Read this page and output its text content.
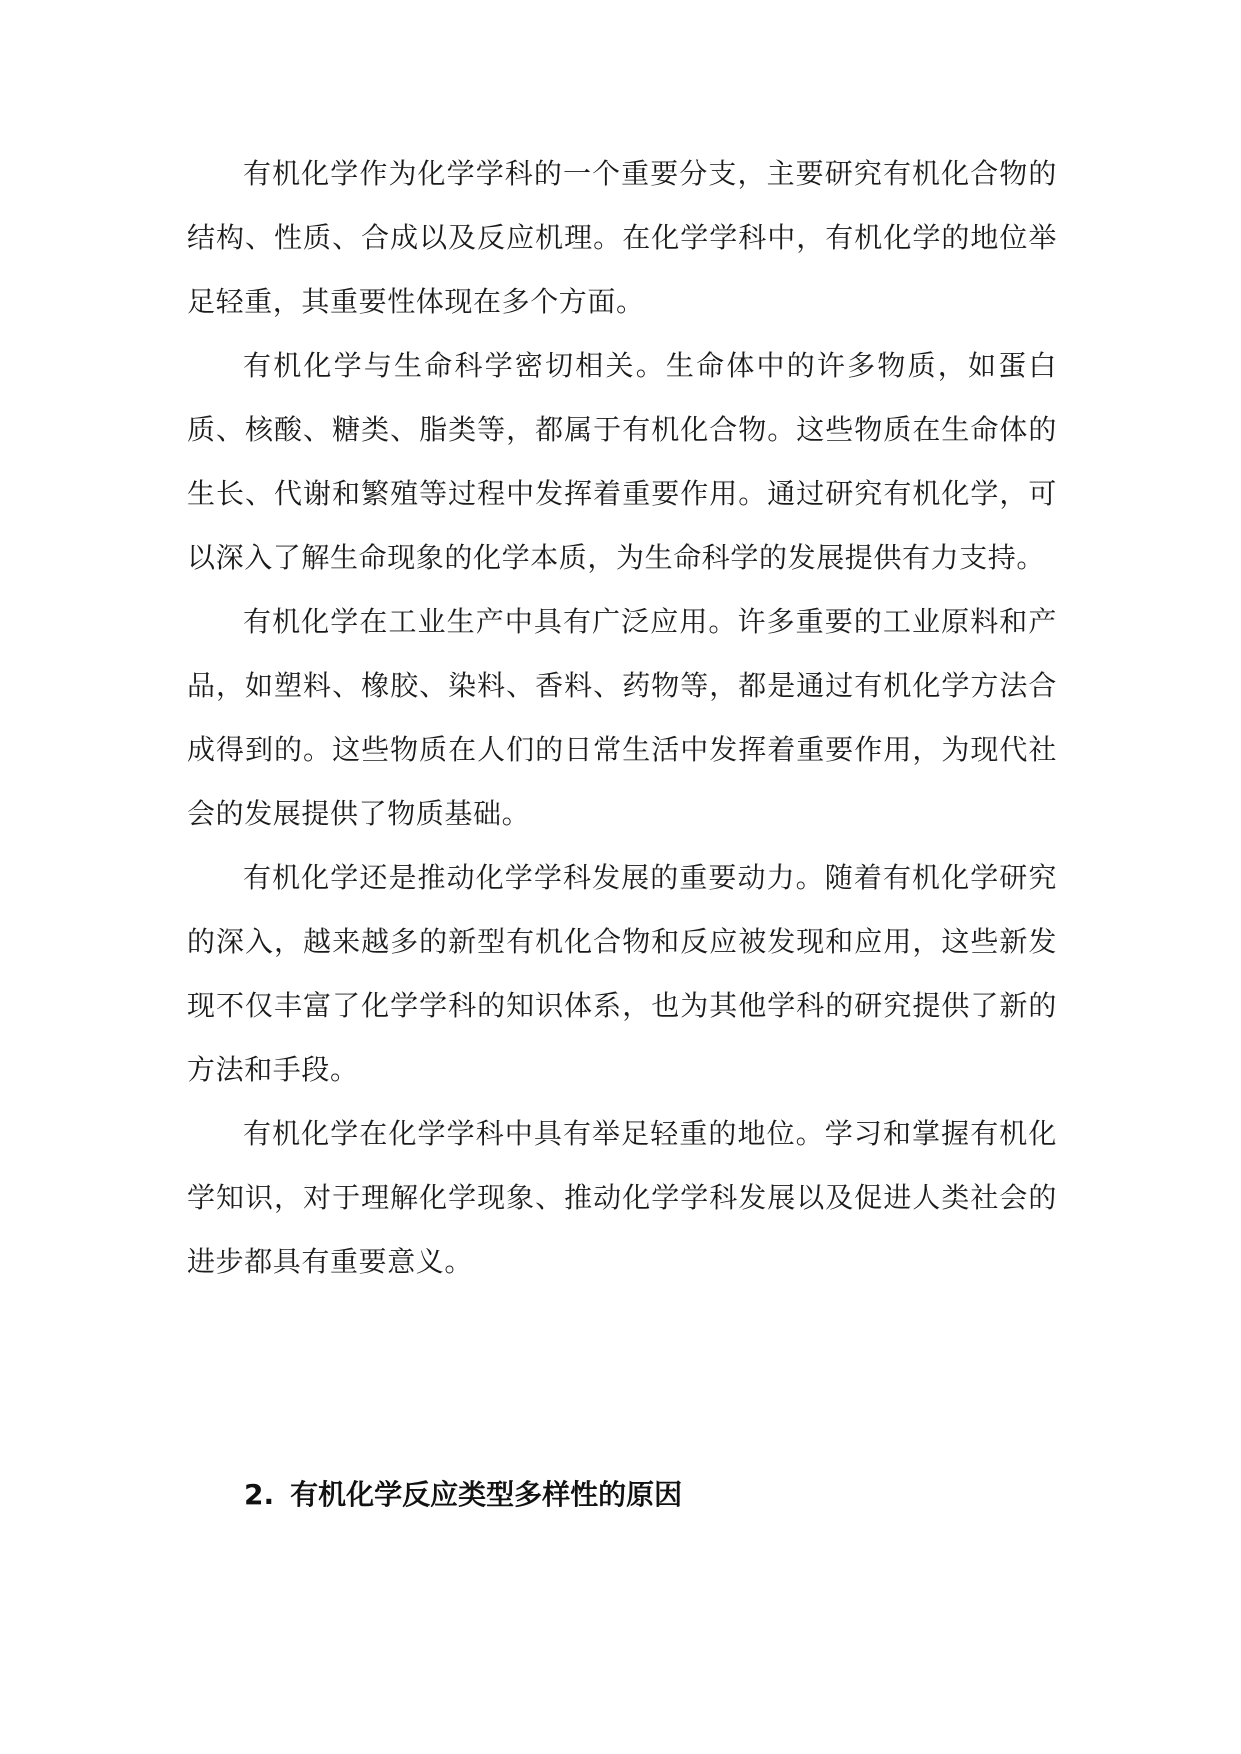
有机化学作为化学学科的一个重要分支，主要研究有机化合物的结构、性质、合成以及反应机理。在化学学科中，有机化学的地位举足轻重，其重要性体现在多个方面。

有机化学与生命科学密切相关。生命体中的许多物质，如蛋白质、核酸、糖类、脂类等，都属于有机化合物。这些物质在生命体的生长、代谢和繁殖等过程中发挥着重要作用。通过研究有机化学，可以深入了解生命现象的化学本质，为生命科学的发展提供有力支持。

有机化学在工业生产中具有广泛应用。许多重要的工业原料和产品，如塑料、橡胶、染料、香料、药物等，都是通过有机化学方法合成得到的。这些物质在人们的日常生活中发挥着重要作用，为现代社会的发展提供了物质基础。

有机化学还是推动化学学科发展的重要动力。随着有机化学研究的深入，越来越多的新型有机化合物和反应被发现和应用，这些新发现不仅丰富了化学学科的知识体系，也为其他学科的研究提供了新的方法和手段。

有机化学在化学学科中具有举足轻重的地位。学习和掌握有机化学知识，对于理解化学现象、推动化学学科发展以及促进人类社会的进步都具有重要意义。

2. 有机化学反应类型多样性的原因
